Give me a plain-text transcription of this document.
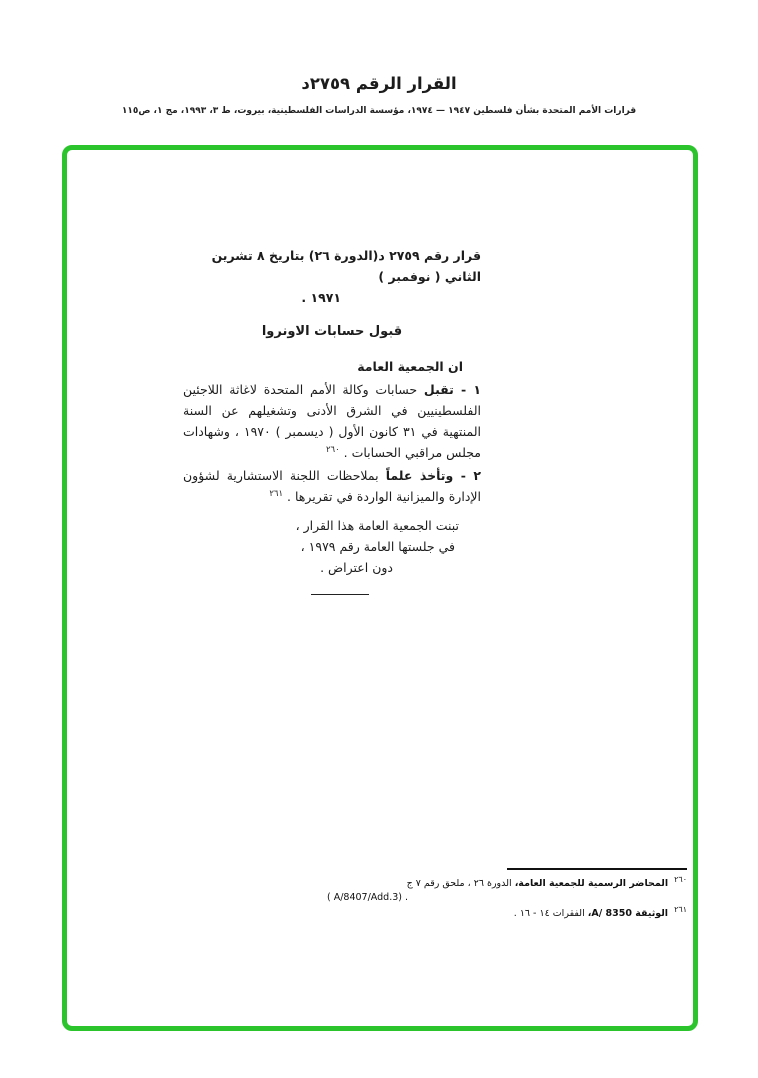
القرار الرقم ٢٧٥٩د
قرارات الأمم المتحدة بشأن فلسطين ١٩٤٧ — ١٩٧٤، مؤسسة الدراسات الفلسطينية، بيروت، ط ٣، ١٩٩٣، مج ١، ص١١٥
قرار رقم ٢٧٥٩ د(الدورة ٢٦) بتاريخ ٨ تشرين الثاني ( نوفمبر )
١٩٧١ .
قبول حسابات الاونروا
ان الجمعية العامة
١ - تقبل حسابات وكالة الأمم المتحدة لاغاثة اللاجئين الفلسطينيين في الشرق الأدنى وتشغيلهم عن السنة المنتهية في ٣١ كانون الأول ( ديسمبر ) ١٩٧٠ ، وشهادات مجلس مراقبي الحسابات . $^{٢٦٠}$
٢ - وتأخذ علماً بملاحظات اللجنة الاستشارية لشؤون الإدارة والميزانية الواردة في تقريرها . $^{٢٦١}$
تبنت الجمعية العامة هذا القرار ،
في جلستها العامة رقم ١٩٧٩ ،
دون اعتراض .
$^{٢٦٠}$ المحاضر الرسمية للجمعية العامة، الدورة ٢٦ ، ملحق رقم ٧ ج
( A/8407/Add.3) .
$^{٢٦١}$ الوثيقة A/ 8350، الفقرات ١٤ - ١٦ .
